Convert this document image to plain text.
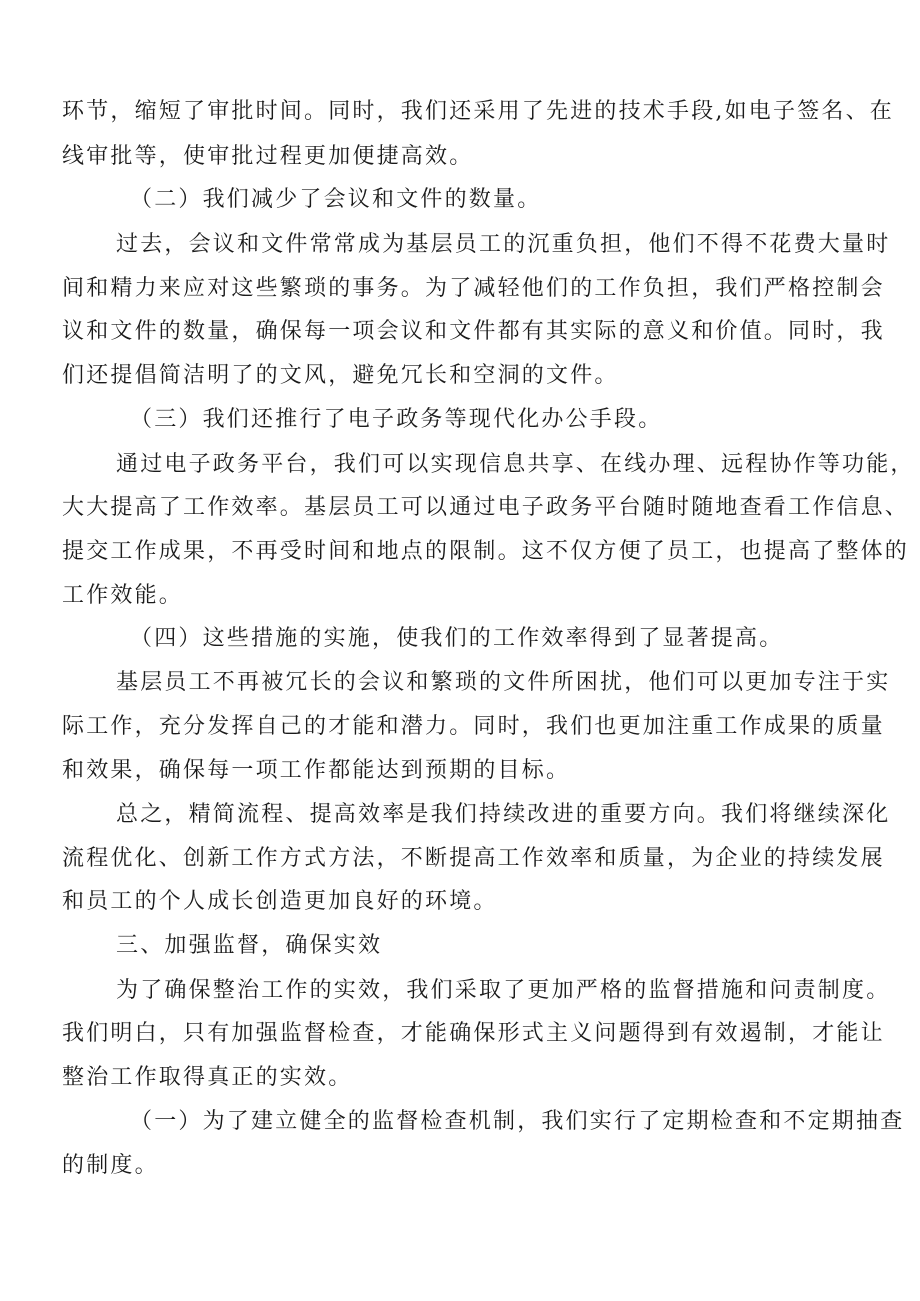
环节，缩短了审批时间。同时，我们还采用了先进的技术手段,如电子签名、在
线审批等，使审批过程更加便捷高效。
（二）我们减少了会议和文件的数量。
过去，会议和文件常常成为基层员工的沉重负担，他们不得不花费大量时
间和精力来应对这些繁琐的事务。为了减轻他们的工作负担，我们严格控制会
议和文件的数量，确保每一项会议和文件都有其实际的意义和价值。同时，我
们还提倡简洁明了的文风，避免冗长和空洞的文件。
（三）我们还推行了电子政务等现代化办公手段。
通过电子政务平台，我们可以实现信息共享、在线办理、远程协作等功能，
大大提高了工作效率。基层员工可以通过电子政务平台随时随地查看工作信息、
提交工作成果，不再受时间和地点的限制。这不仅方便了员工，也提高了整体的
工作效能。
（四）这些措施的实施，使我们的工作效率得到了显著提高。
基层员工不再被冗长的会议和繁琐的文件所困扰，他们可以更加专注于实
际工作，充分发挥自己的才能和潜力。同时，我们也更加注重工作成果的质量
和效果，确保每一项工作都能达到预期的目标。
总之，精简流程、提高效率是我们持续改进的重要方向。我们将继续深化
流程优化、创新工作方式方法，不断提高工作效率和质量，为企业的持续发展
和员工的个人成长创造更加良好的环境。
三、加强监督，确保实效
为了确保整治工作的实效，我们采取了更加严格的监督措施和问责制度。
我们明白，只有加强监督检查，才能确保形式主义问题得到有效遏制，才能让
整治工作取得真正的实效。
（一）为了建立健全的监督检查机制，我们实行了定期检查和不定期抽查
的制度。
